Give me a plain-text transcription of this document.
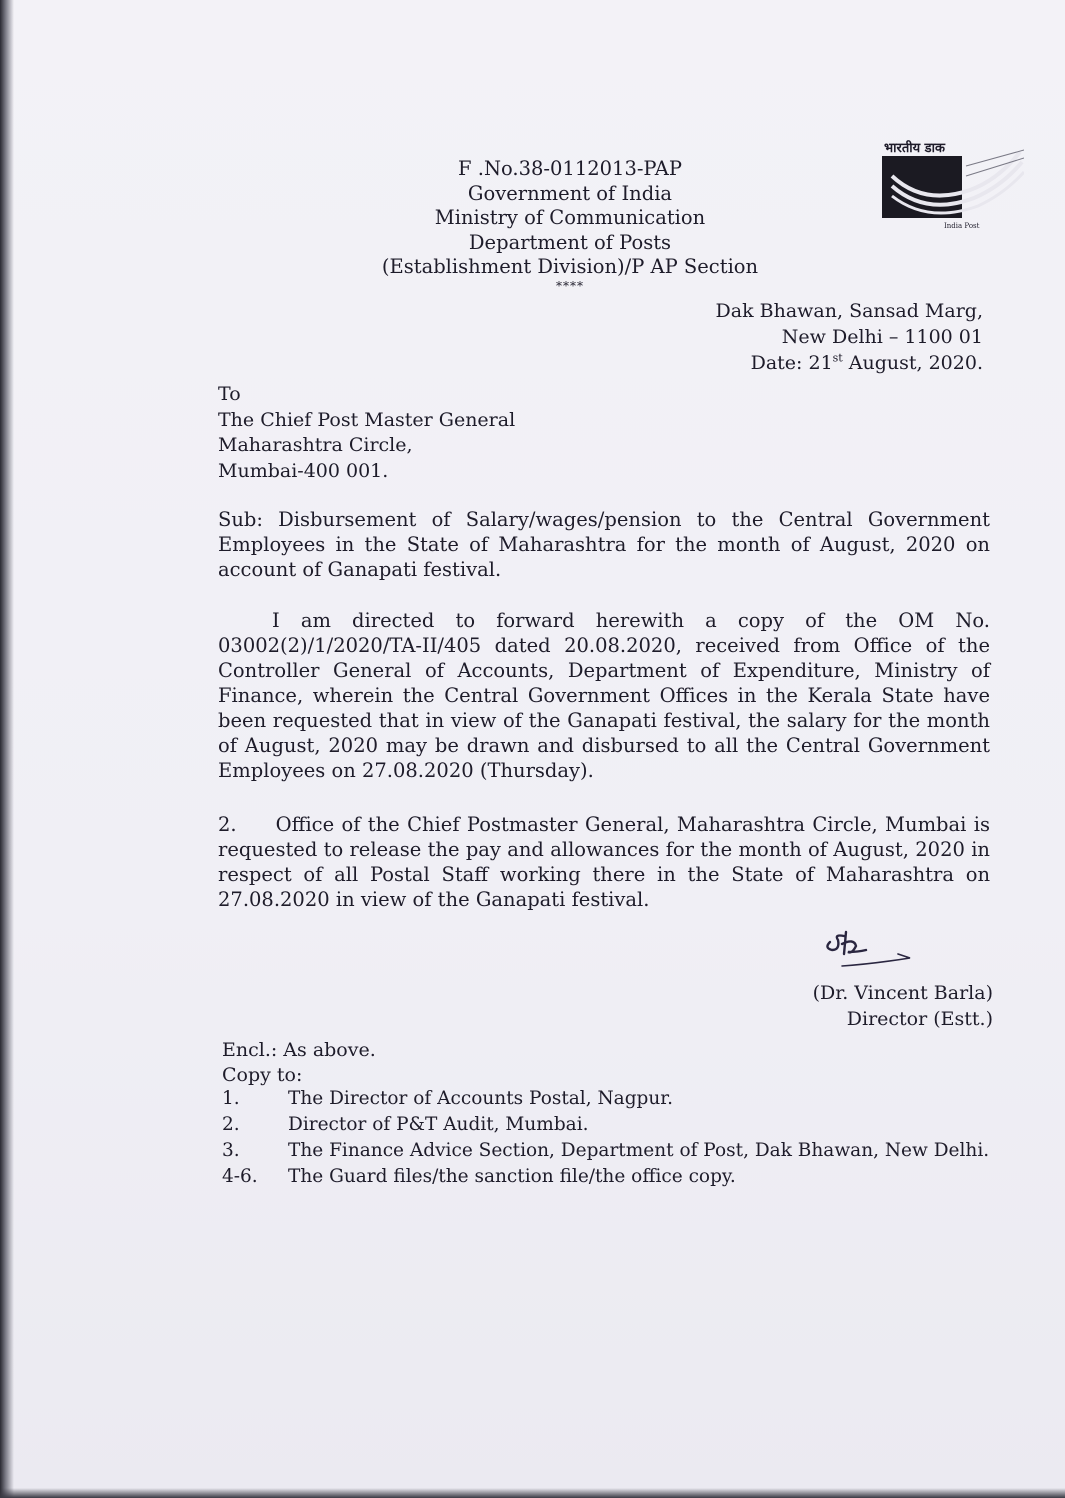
F .No.38-0112013-PAP
Government of India
Ministry of Communication
Department of Posts
(Establishment Division)/P AP Section
****
भारतीय डाक
India Post
Dak Bhawan, Sansad Marg,
New Delhi – 1100 01
Date: 21st August, 2020.
To
The Chief Post Master General
Maharashtra Circle,
Mumbai-400 001.

Sub: Disbursement of Salary/wages/pension to the Central Government Employees in the State of Maharashtra for the month of August, 2020 on account of Ganapati festival.

I am directed to forward herewith a copy of the OM No. 03002(2)/1/2020/TA-II/405 dated 20.08.2020, received from Office of the Controller General of Accounts, Department of Expenditure, Ministry of Finance, wherein the Central Government Offices in the Kerala State have been requested that in view of the Ganapati festival, the salary for the month of August, 2020 may be drawn and disbursed to all the Central Government Employees on 27.08.2020 (Thursday).

2.  Office of the Chief Postmaster General, Maharashtra Circle, Mumbai is requested to release the pay and allowances for the month of August, 2020 in respect of all Postal Staff working there in the State of Maharashtra on 27.08.2020 in view of the Ganapati festival.

(Dr. Vincent Barla)
Director (Estt.)
Encl.: As above.
Copy to:
1.	The Director of Accounts Postal, Nagpur.
2.	Director of P&T Audit, Mumbai.
3.	The Finance Advice Section, Department of Post, Dak Bhawan, New Delhi.
4-6.	The Guard files/the sanction file/the office copy.
